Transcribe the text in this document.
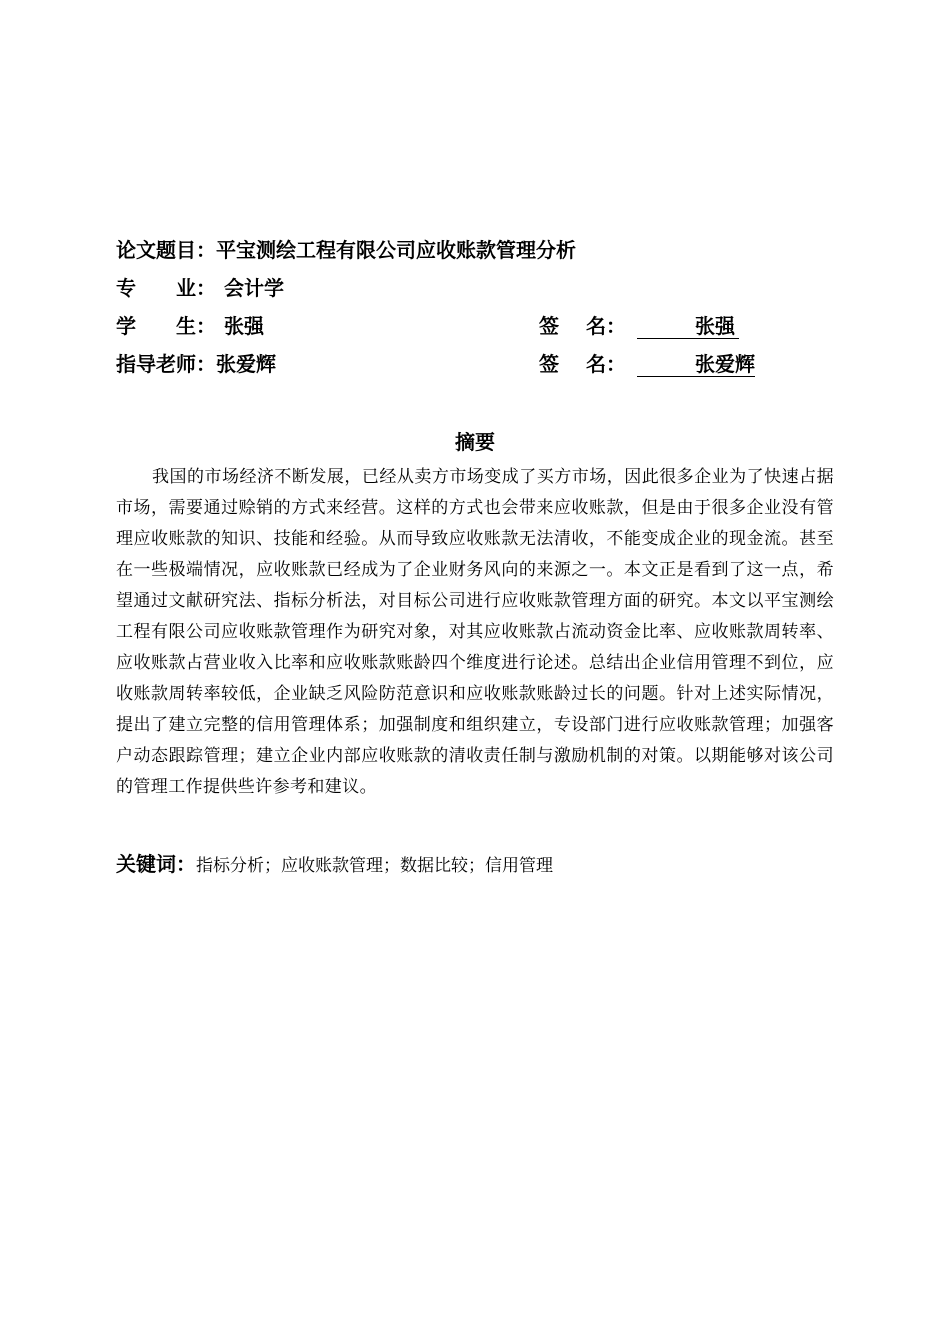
论文题目：平宝测绘工程有限公司应收账款管理分析
专　　业： 会计学
学　　生： 张强	签　 名：	张强
指导老师：张爱辉	签　 名：	张爱辉
摘要

我国的市场经济不断发展，已经从卖方市场变成了买方市场，因此很多企业为了快速占据市场，需要通过赊销的方式来经营。这样的方式也会带来应收账款，但是由于很多企业没有管理应收账款的知识、技能和经验。从而导致应收账款无法清收，不能变成企业的现金流。甚至在一些极端情况，应收账款已经成为了企业财务风向的来源之一。本文正是看到了这一点，希望通过文献研究法、指标分析法，对目标公司进行应收账款管理方面的研究。本文以平宝测绘工程有限公司应收账款管理作为研究对象，对其应收账款占流动资金比率、应收账款周转率、应收账款占营业收入比率和应收账款账龄四个维度进行论述。总结出企业信用管理不到位，应收账款周转率较低，企业缺乏风险防范意识和应收账款账龄过长的问题。针对上述实际情况，提出了建立完整的信用管理体系；加强制度和组织建立，专设部门进行应收账款管理；加强客户动态跟踪管理；建立企业内部应收账款的清收责任制与激励机制的对策。以期能够对该公司的管理工作提供些许参考和建议。

关键词：指标分析；应收账款管理；数据比较；信用管理
